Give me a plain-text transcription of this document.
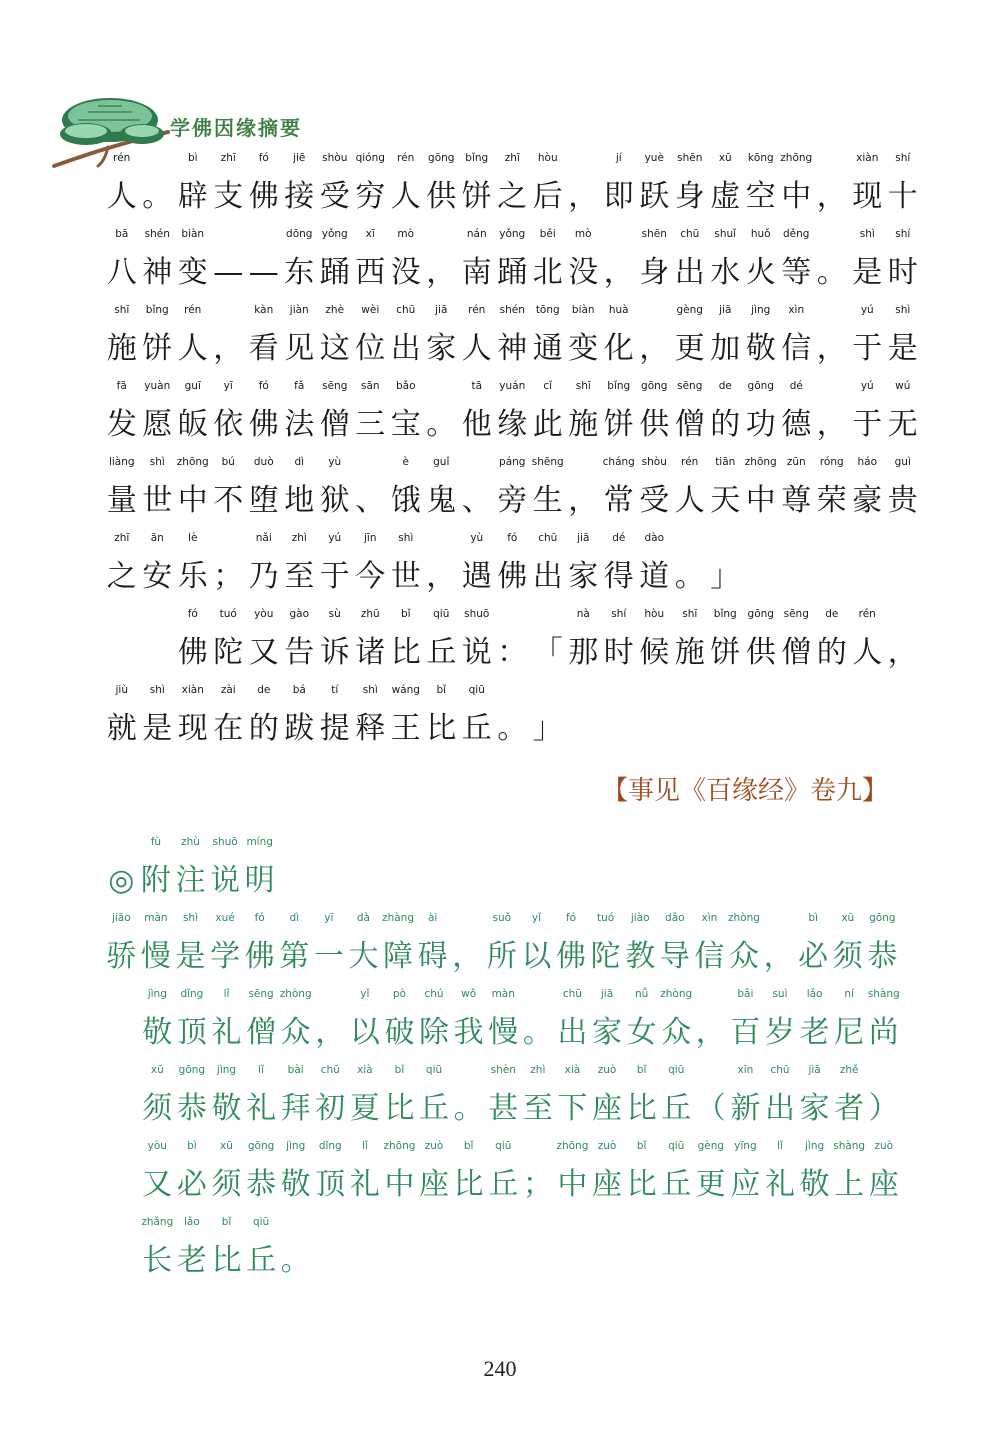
学佛因缘摘要
rén
人 。
bì
辟
zhī
支
fó
佛
jiē
接
shòu
受
qióng
穷
rén
人
gōng
供
bǐng
饼
zhī
之
hòu
后 ，
jí
即
yuè
跃
shēn
身
xū
虚
kōng
空
zhōng
中 ，
xiàn
现
shí
十
bā
八
shén
神
biàn
变 — —
dōng
东
yǒng
踊
xī
西
mò
没 ，
nán
南
yǒng
踊
běi
北
mò
没 ，
shēn
身
chū
出
shuǐ
水
huǒ
火
děng
等 。
shì
是
shí
时
shī
施
bǐng
饼
rén
人 ，
kàn
看
jiàn
见
zhè
这
wèi
位
chū
出
jiā
家
rén
人
shén
神
tōng
通
biàn
变
huà
化 ，
gèng
更
jiā
加
jìng
敬
xìn
信 ，
yú
于
shì
是
fā
发
yuàn
愿
guī
皈
yī
依
fó
佛
fǎ
法
sēng
僧
sān
三
bǎo
宝 。
tā
他
yuán
缘
cǐ
此
shī
施
bǐng
饼
gōng
供
sēng
僧
de
的
gōng
功
dé
德 ，
yú
于
wú
无
liàng
量
shì
世
zhōng
中
bú
不
duò
堕
dì
地
yù
狱 、
è
饿
guǐ
鬼 、
páng
旁
shēng
生 ，
cháng
常
shòu
受
rén
人
tiān
天
zhōng
中
zūn
尊
róng
荣
háo
豪
guì
贵
zhī
之
ān
安
lè
乐 ；
nǎi
乃
zhì
至
yú
于
jīn
今
shì
世 ，
yù
遇
fó
佛
chū
出
jiā
家
dé
得
dào
道 。 」
fó
佛
tuó
陀
yòu
又
gào
告
sù
诉
zhū
诸
bǐ
比
qiū
丘
shuō
说 ： 「
nà
那
shí
时
hòu
候
shī
施
bǐng
饼
gōng
供
sēng
僧
de
的
rén
人 ，
jiù
就
shì
是
xiàn
现
zài
在
de
的
bá
跋
tí
提
shì
释
wáng
王
bǐ
比
qiū
丘 。 」
【事见《百缘经》卷九】
◎
fù
附
zhù
注
shuō
说
míng
明
jiāo
骄
màn
慢
shì
是
xué
学
fó
佛
dì
第
yī
一
dà
大
zhàng
障
ài
碍 ，
suǒ
所
yǐ
以
fó
佛
tuó
陀
jiào
教
dǎo
导
xìn
信
zhòng
众 ，
bì
必
xū
须
gōng
恭
jìng
敬
dǐng
顶
lǐ
礼
sēng
僧
zhòng
众 ，
yǐ
以
pò
破
chú
除
wǒ
我
màn
慢 。
chū
出
jiā
家
nǚ
女
zhòng
众 ，
bǎi
百
suì
岁
lǎo
老
ní
尼
shàng
尚
xū
须
gōng
恭
jìng
敬
lǐ
礼
bài
拜
chū
初
xià
夏
bǐ
比
qiū
丘 。
shèn
甚
zhì
至
xià
下
zuò
座
bǐ
比
qiū
丘 （
xīn
新
chū
出
jiā
家
zhě
者 ）
yòu
又
bì
必
xū
须
gōng
恭
jìng
敬
dǐng
顶
lǐ
礼
zhōng
中
zuò
座
bǐ
比
qiū
丘 ；
zhōng
中
zuò
座
bǐ
比
qiū
丘
gèng
更
yīng
应
lǐ
礼
jìng
敬
shàng
上
zuò
座
zhǎng
长
lǎo
老
bǐ
比
qiū
丘 。
240
